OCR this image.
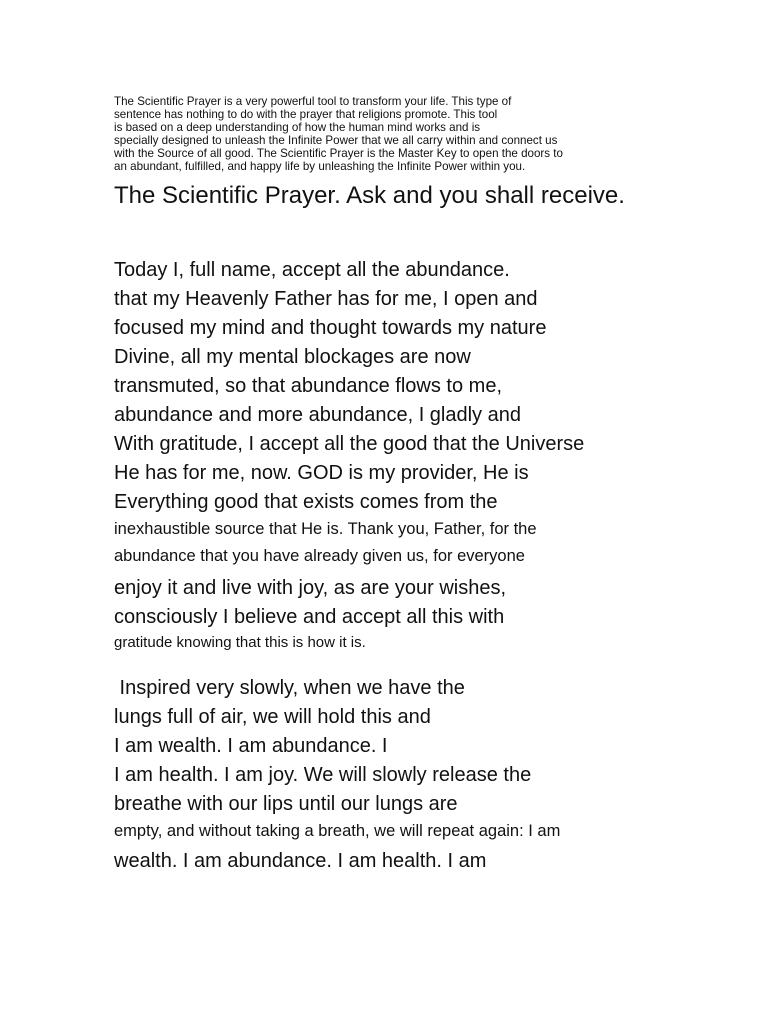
The Scientific Prayer is a very powerful tool to transform your life. This type of

sentence has nothing to do with the prayer that religions promote. This tool

is based on a deep understanding of how the human mind works and is

specially designed to unleash the Infinite Power that we all carry within and connect us

with the Source of all good. The Scientific Prayer is the Master Key to open the doors to

an abundant, fulfilled, and happy life by unleashing the Infinite Power within you.

The Scientific Prayer. Ask and you shall receive.

Today I, full name, accept all the abundance.

that my Heavenly Father has for me, I open and

focused my mind and thought towards my nature

Divine, all my mental blockages are now

transmuted, so that abundance flows to me,

abundance and more abundance, I gladly and

With gratitude, I accept all the good that the Universe

He has for me, now. GOD is my provider, He is

Everything good that exists comes from the

inexhaustible source that He is. Thank you, Father, for the

abundance that you have already given us, for everyone

enjoy it and live with joy, as are your wishes,

consciously I believe and accept all this with

gratitude knowing that this is how it is.

Inspired very slowly, when we have the

lungs full of air, we will hold this and

I am wealth. I am abundance. I

I am health. I am joy. We will slowly release the

breathe with our lips until our lungs are

empty, and without taking a breath, we will repeat again: I am

wealth. I am abundance. I am health. I am
